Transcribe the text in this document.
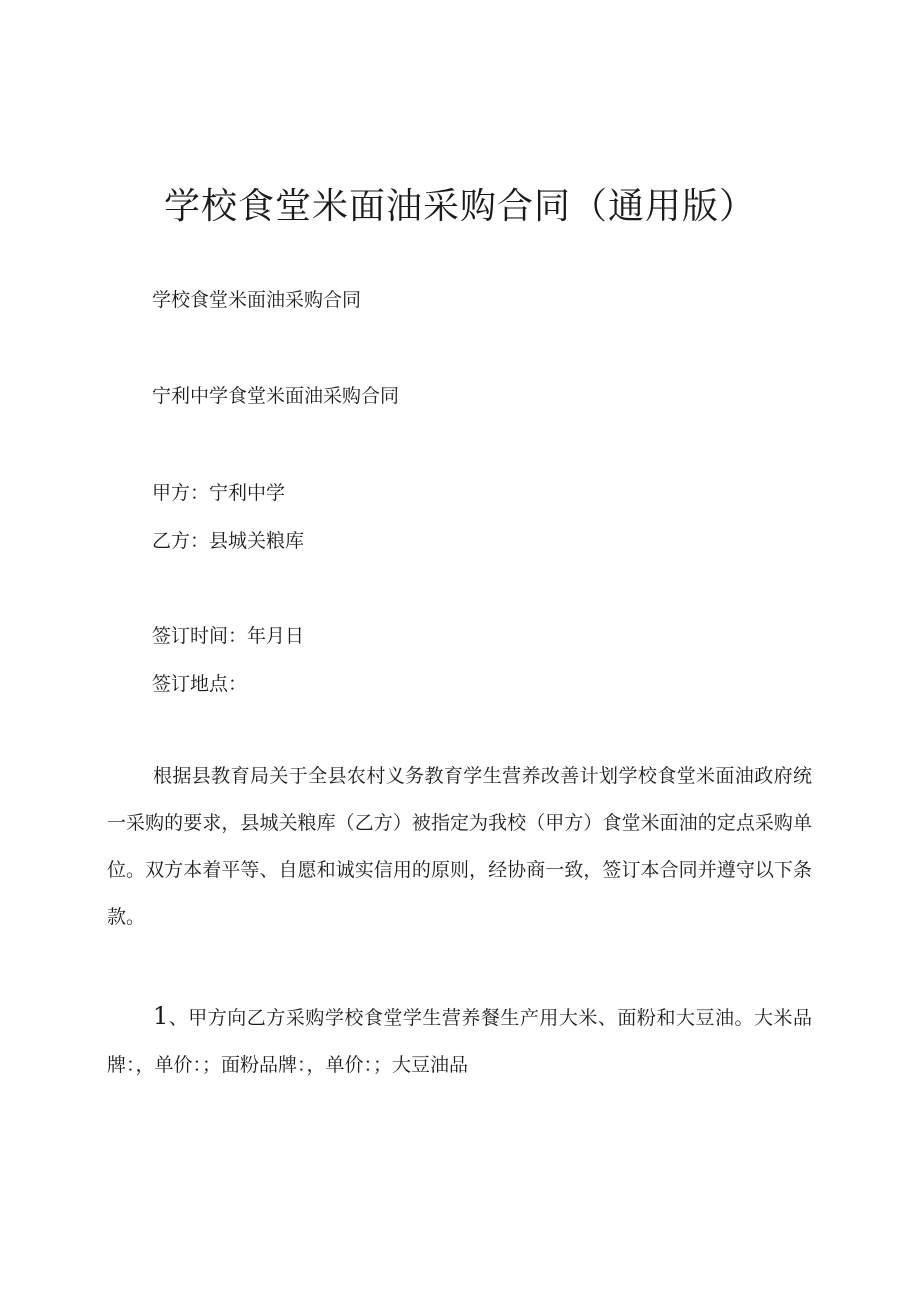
学校食堂米面油采购合同（通用版）

学校食堂米面油采购合同

宁利中学食堂米面油采购合同

甲方：宁利中学

乙方：县城关粮库

签订时间：年月日

签订地点：

根据县教育局关于全县农村义务教育学生营养改善计划学校食堂米面油政府统一采购的要求，县城关粮库（乙方）被指定为我校（甲方）食堂米面油的定点采购单位。双方本着平等、自愿和诚实信用的原则，经协商一致，签订本合同并遵守以下条款。

1、甲方向乙方采购学校食堂学生营养餐生产用大米、面粉和大豆油。大米品牌：，单价：；面粉品牌：，单价：；大豆油品
